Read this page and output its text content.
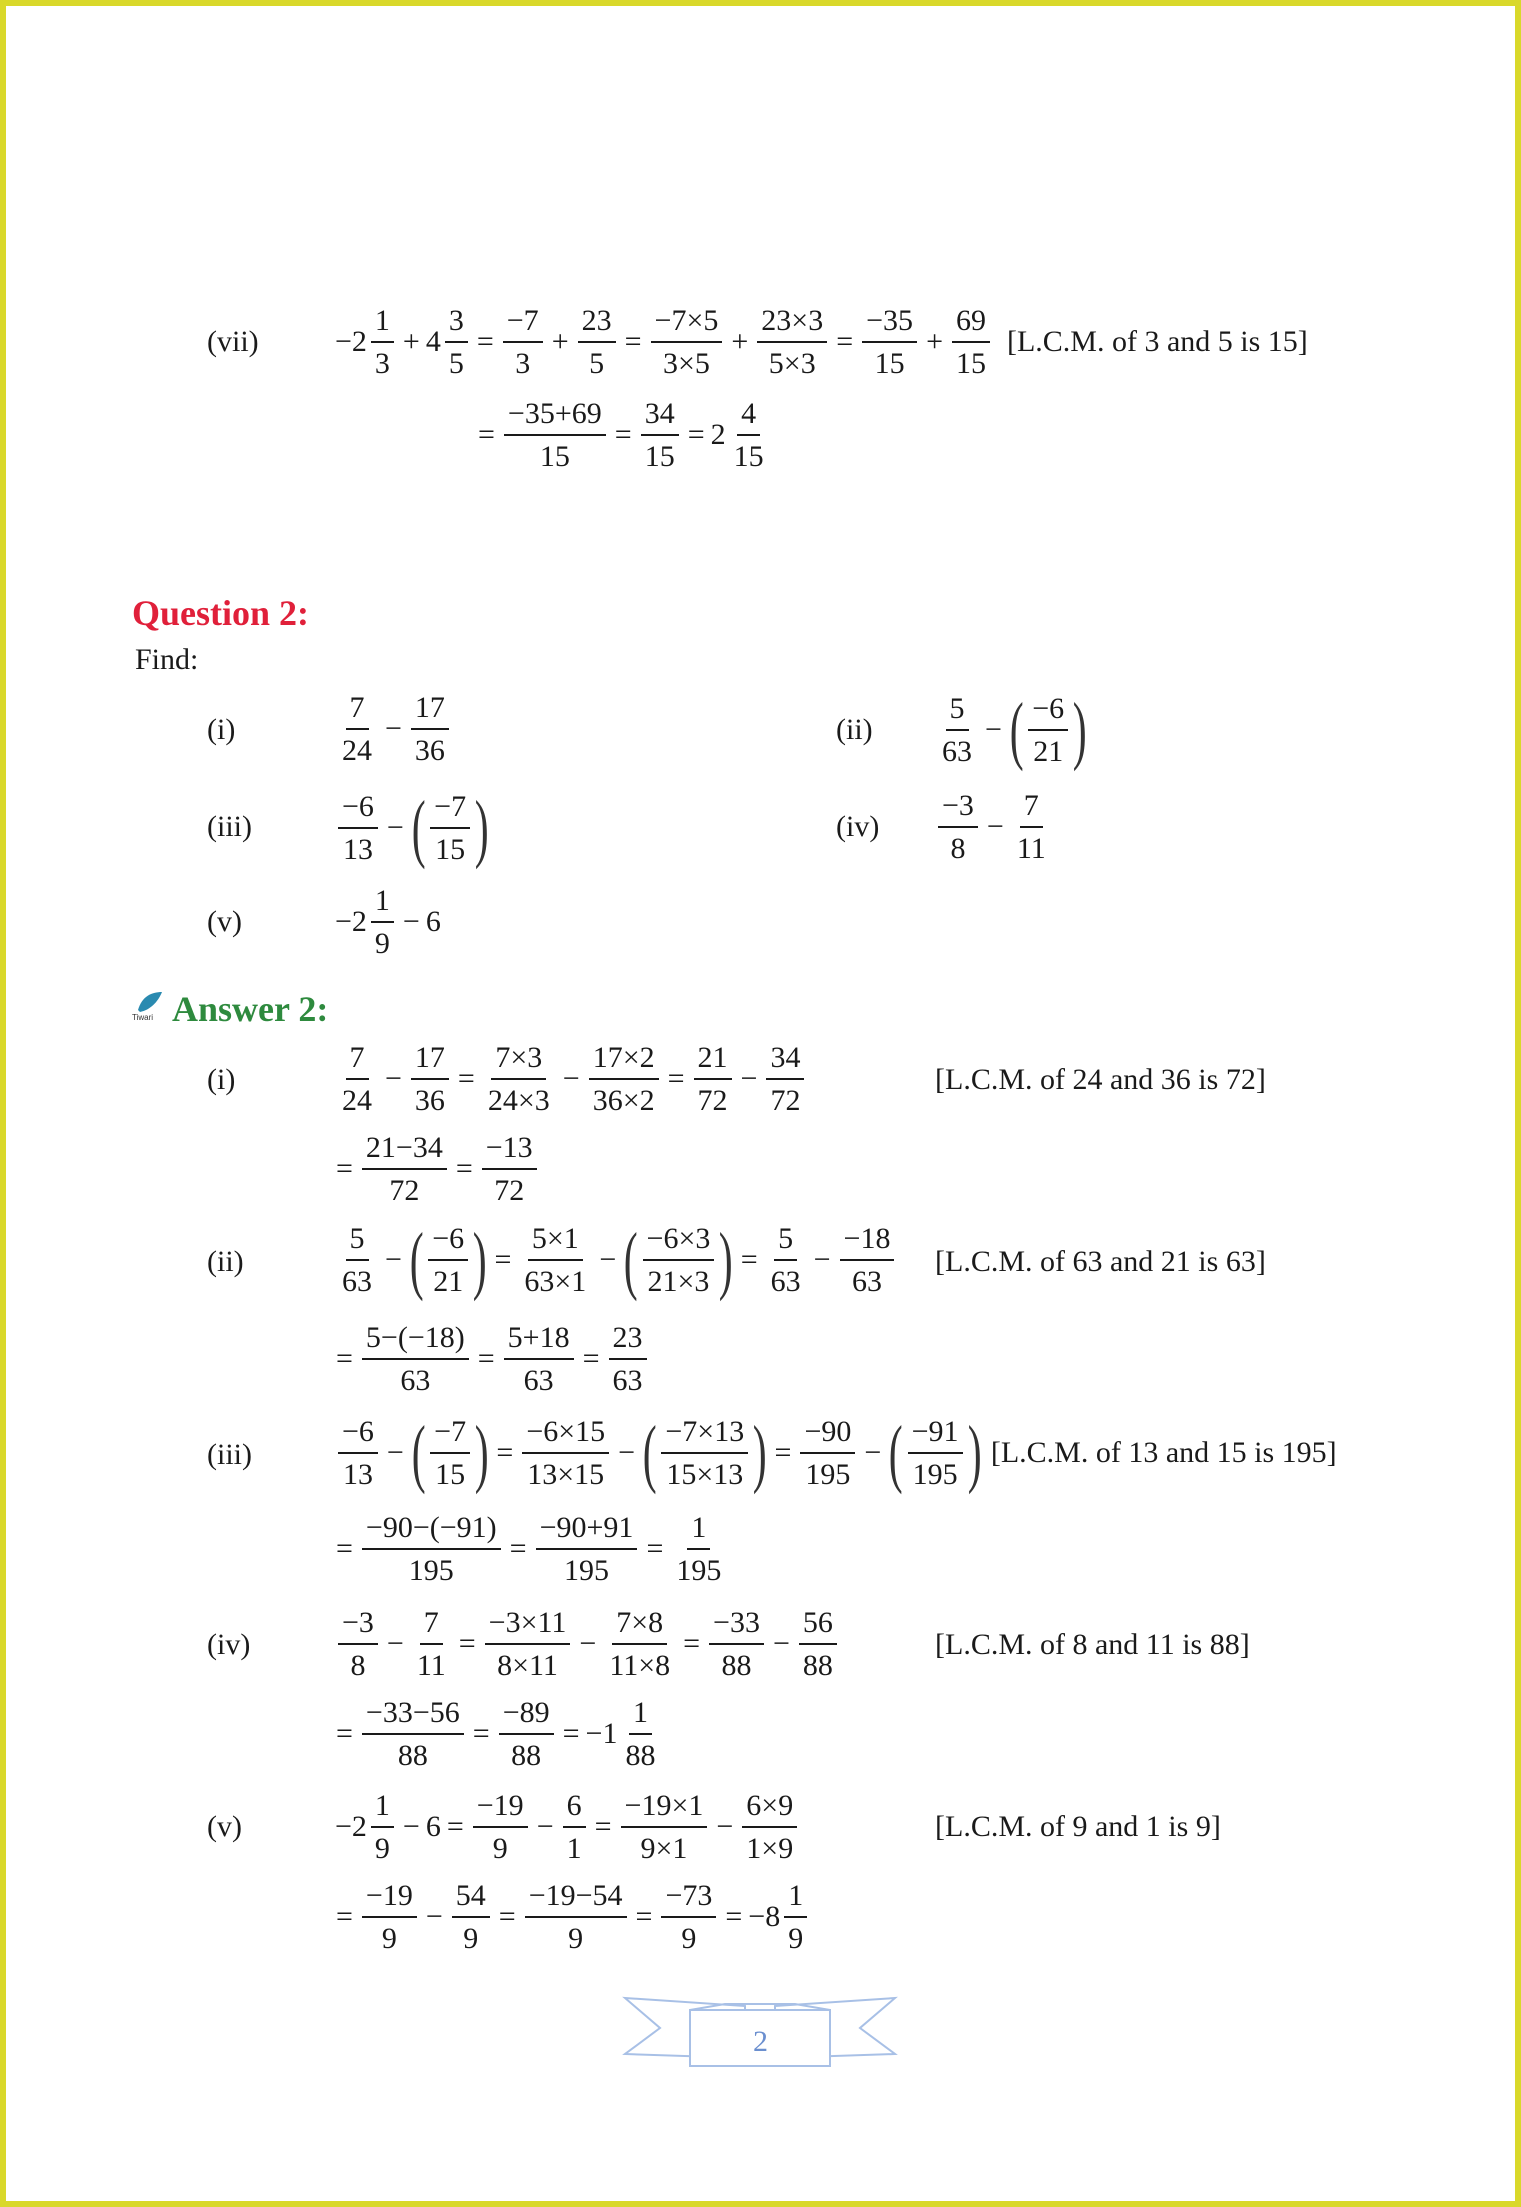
(vii)	$-2 \frac{1}{3} + 4 \frac{3}{5} = \frac{-7}{3} + \frac{23}{5} = \frac{-7\times 5}{3\times 5} + \frac{23\times 3}{5\times 3} = \frac{-35}{15} + \frac{69}{15} [L.C.M$. of 3 and 5 is 15]
= $\frac{-35+69}{15} = \frac{34}{15} = 2 \frac{4}{15}$
Question 2:
Find:
(i)	$\frac{7}{24} - \frac{17}{36}$	$(ii) \frac{5}{63}$ − ( $\frac{-6}{21}$ )
(iii)	$\frac{-6}{13}$ − ( $\frac{-7}{15}$ )	$(iv) \frac{-3}{8} - \frac{7}{11}$
(v)	$-2 \frac{1}{9} - 6$
Tiwari Answer 2:
(i)	$\frac{7}{24} - \frac{17}{36} = \frac{7\times 3}{24\times 3} - \frac{17\times 2}{36\times 2} = \frac{21}{72} - \frac{34}{72}$	[L.C.M. of 24 and 36 is 72]
= $\frac{21-34}{72} = \frac{-13}{72}$
(ii)	$\frac{5}{63}$ − ( $\frac{-6}{21}$ ) = $\frac{5\times 1}{63\times 1}$ − ( $\frac{-6\times 3}{21\times 3}$ ) = $\frac{5}{63} - \frac{-18}{63} [L.C.M$. of 63 and 21 is 63]
= $\frac{5-(-18)}{63} = \frac{5+18}{63} = \frac{23}{63}$
(iii)	$\frac{-6}{13}$ − ( $\frac{-7}{15}$ ) = $\frac{-6\times 15}{13\times 15}$ − ( $\frac{-7\times 13}{15\times 13}$ ) = $\frac{-90}{195}$ − ( $\frac{-91}{195}$ ) [L.C.M. of 13 and 15 is 195]
= $\frac{-90-(-91)}{195} = \frac{-90+91}{195} = \frac{1}{195}$
(iv)	$\frac{-3}{8} - \frac{7}{11} = \frac{-3\times 11}{8\times 11} - \frac{7\times 8}{11\times 8} = \frac{-33}{88} - \frac{56}{88}$	[L.C.M. of 8 and 11 is 88]
= $\frac{-33-56}{88} = \frac{-89}{88} = -1 \frac{1}{88}$
(v)	$-2 \frac{1}{9} - 6 = \frac{-19}{9} - \frac{6}{1} = \frac{-19\times 1}{9\times 1} - \frac{6\times 9}{1\times 9}$	[L.C.M. of 9 and 1 is 9]
= $\frac{-19}{9} - \frac{54}{9} = \frac{-19-54}{9} = \frac{-73}{9} = -8 \frac{1}{9}$
2
